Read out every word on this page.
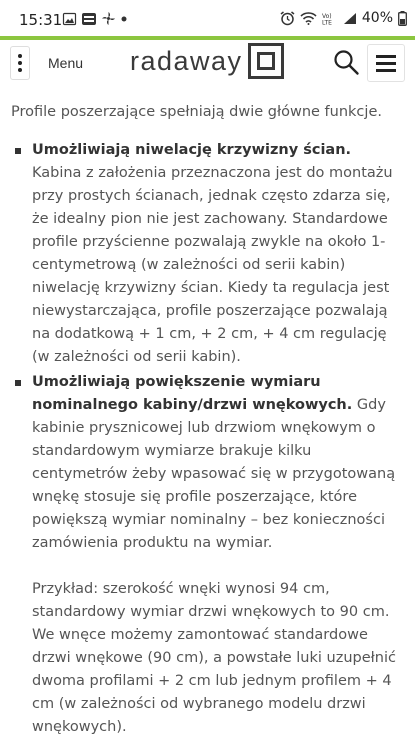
15:31	Vo)
LTE 40%
Menu radaway

Profile poszerzające spełniają dwie główne funkcje.

Umożliwiają niwelację krzywizny ścian. Kabina z założenia przeznaczona jest do montażu przy prostych ścianach, jednak często zdarza się, że idealny pion nie jest zachowany. Standardowe profile przyścienne pozwalają zwykle na około 1-centymetrową (w zależności od serii kabin) niwelację krzywizny ścian. Kiedy ta regulacja jest niewystarczająca, profile poszerzające pozwalają na dodatkową + 1 cm, + 2 cm, + 4 cm regulację (w zależności od serii kabin).
Umożliwiają powiększenie wymiaru nominalnego kabiny/drzwi wnękowych. Gdy kabinie prysznicowej lub drzwiom wnękowym o standardowym wymiarze brakuje kilku centymetrów żeby wpasować się w przygotowaną wnękę stosuje się profile poszerzające, które powiększą wymiar nominalny – bez konieczności zamówienia produktu na wymiar.
Przykład: szerokość wnęki wynosi 94 cm, standardowy wymiar drzwi wnękowych to 90 cm. We wnęce możemy zamontować standardowe drzwi wnękowe (90 cm), a powstałe luki uzupełnić dwoma profilami + 2 cm lub jednym profilem + 4 cm (w zależności od wybranego modelu drzwi wnękowych).
